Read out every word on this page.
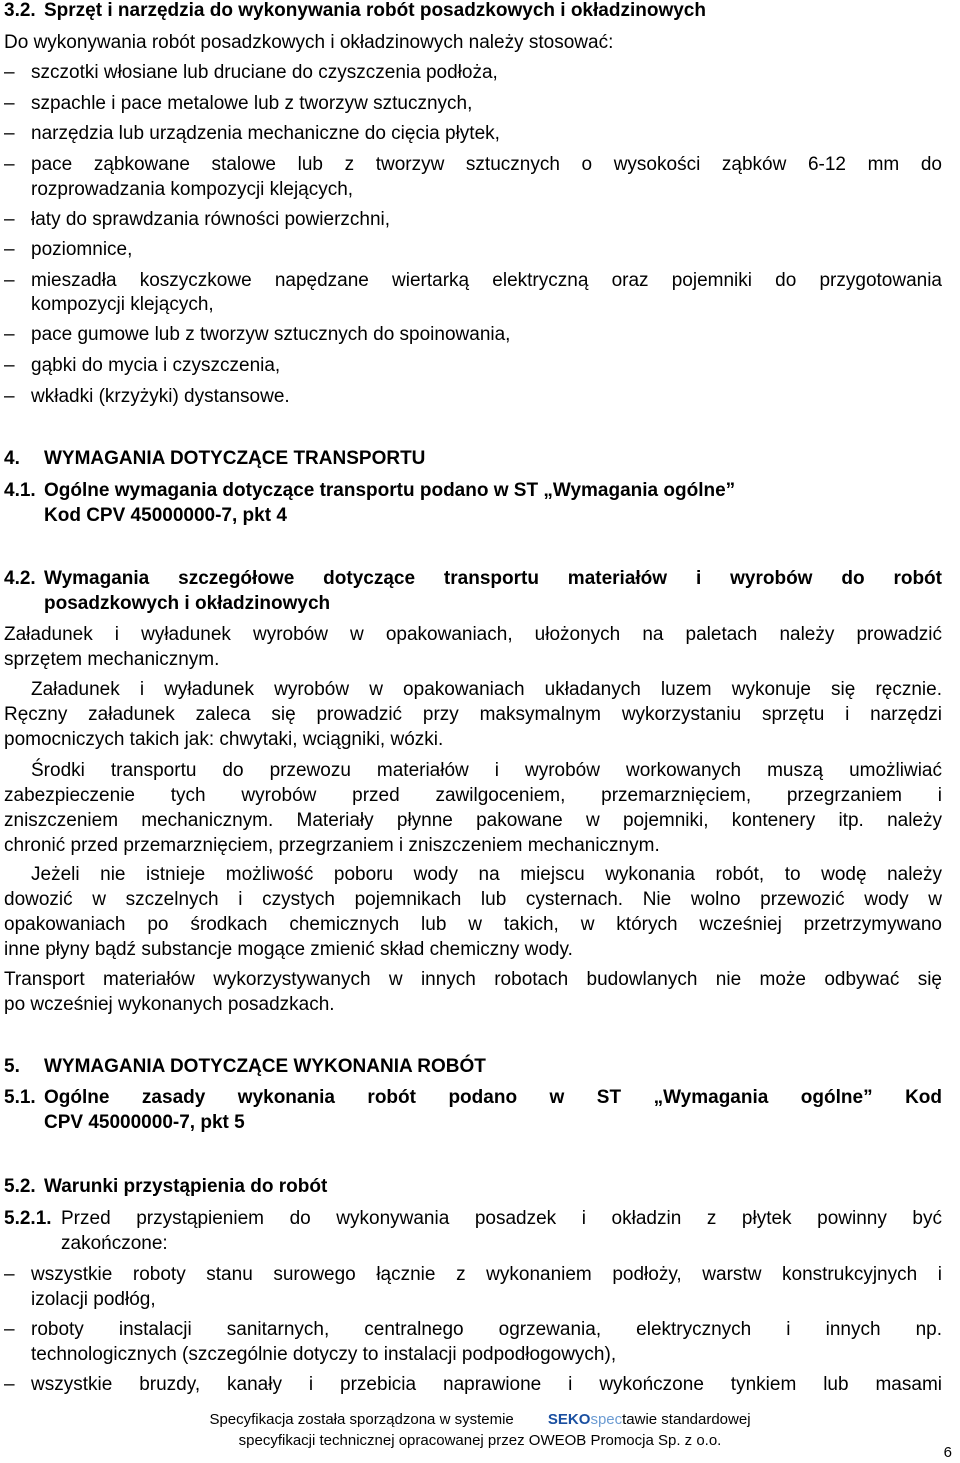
3.2. Sprzęt i narzędzia do wykonywania robót posadzkowych i okładzinowych
Do wykonywania robót posadzkowych i okładzinowych należy stosować:
– szczotki włosiane lub druciane do czyszczenia podłoża,
– szpachle i pace metalowe lub z tworzyw sztucznych,
– narzędzia lub urządzenia mechaniczne do cięcia płytek,
– pace ząbkowane stalowe lub z tworzyw sztucznych o wysokości ząbków 6-12 mm do
rozprowadzania kompozycji klejących,
– łaty do sprawdzania równości powierzchni,
– poziomnice,
– mieszadła koszyczkowe napędzane wiertarką elektryczną oraz pojemniki do przygotowania
kompozycji klejących,
– pace gumowe lub z tworzyw sztucznych do spoinowania,
– gąbki do mycia i czyszczenia,
– wkładki (krzyżyki) dystansowe.
4. WYMAGANIA DOTYCZĄCE TRANSPORTU
4.1. Ogólne wymagania dotyczące transportu podano w ST „Wymagania ogólne”
Kod CPV 45000000-7, pkt 4
4.2. Wymagania szczegółowe dotyczące transportu materiałów i wyrobów do robót
posadzkowych i okładzinowych
Załadunek i wyładunek wyrobów w opakowaniach, ułożonych na paletach należy prowadzić
sprzętem mechanicznym.
Załadunek i wyładunek wyrobów w opakowaniach układanych luzem wykonuje się ręcznie.
Ręczny załadunek zaleca się prowadzić przy maksymalnym wykorzystaniu sprzętu i narzędzi
pomocniczych takich jak: chwytaki, wciągniki, wózki.
Środki transportu do przewozu materiałów i wyrobów workowanych muszą umożliwiać
zabezpieczenie tych wyrobów przed zawilgoceniem, przemarznięciem, przegrzaniem i
zniszczeniem mechanicznym. Materiały płynne pakowane w pojemniki, kontenery itp. należy
chronić przed przemarznięciem, przegrzaniem i zniszczeniem mechanicznym.
Jeżeli nie istnieje możliwość poboru wody na miejscu wykonania robót, to wodę należy
dowozić w szczelnych i czystych pojemnikach lub cysternach. Nie wolno przewozić wody w
opakowaniach po środkach chemicznych lub w takich, w których wcześniej przetrzymywano
inne płyny bądź substancje mogące zmienić skład chemiczny wody.
Transport materiałów wykorzystywanych w innych robotach budowlanych nie może odbywać się
po wcześniej wykonanych posadzkach.
5. WYMAGANIA DOTYCZĄCE WYKONANIA ROBÓT
5.1. Ogólne zasady wykonania robót podano w ST „Wymagania ogólne” Kod
CPV 45000000-7, pkt 5
5.2. Warunki przystąpienia do robót
5.2.1. Przed przystąpieniem do wykonywania posadzek i okładzin z płytek powinny być
zakończone:
– wszystkie roboty stanu surowego łącznie z wykonaniem podłoży, warstw konstrukcyjnych i
izolacji podłóg,
– roboty instalacji sanitarnych, centralnego ogrzewania, elektrycznych i innych np.
technologicznych (szczególnie dotyczy to instalacji podpodłogowych),
– wszystkie bruzdy, kanały i przebicia naprawione i wykończone tynkiem lub masami
Specyfikacja została sporządzona w systemie SEKOspectawie standardowej
specyfikacji technicznej opracowanej przez OWEOB Promocja Sp. z o.o.
6
